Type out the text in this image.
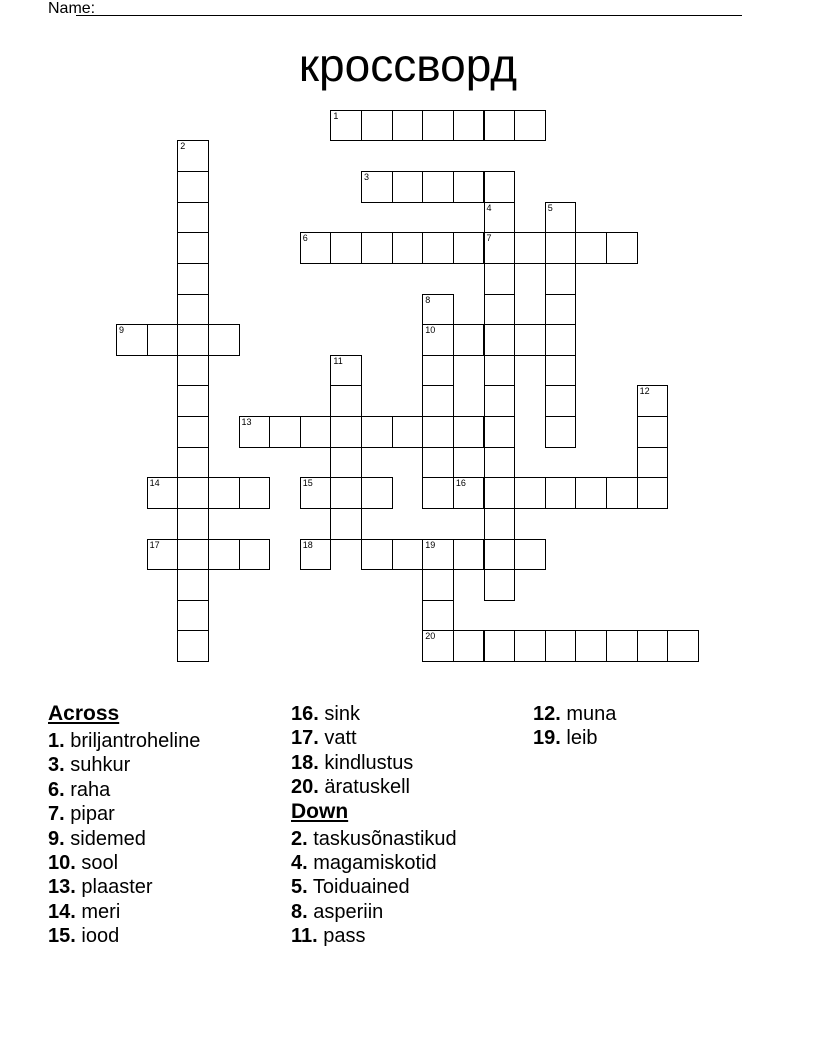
Name:
кроссворд
1
2
3
4
7
5
6
8
10
9
11
12
13
14	15	16
17	18	19
20
Across
1. briljantroheline
3. suhkur
6. raha
7. pipar
9. sidemed
10. sool
13. plaaster
14. meri
15. iood
16. sink
17. vatt
18. kindlustus
20. äratuskell
Down
2. taskusõnastikud
4. magamiskotid
5. Toiduained
8. asperiin
11. pass
12. muna
19. leib
